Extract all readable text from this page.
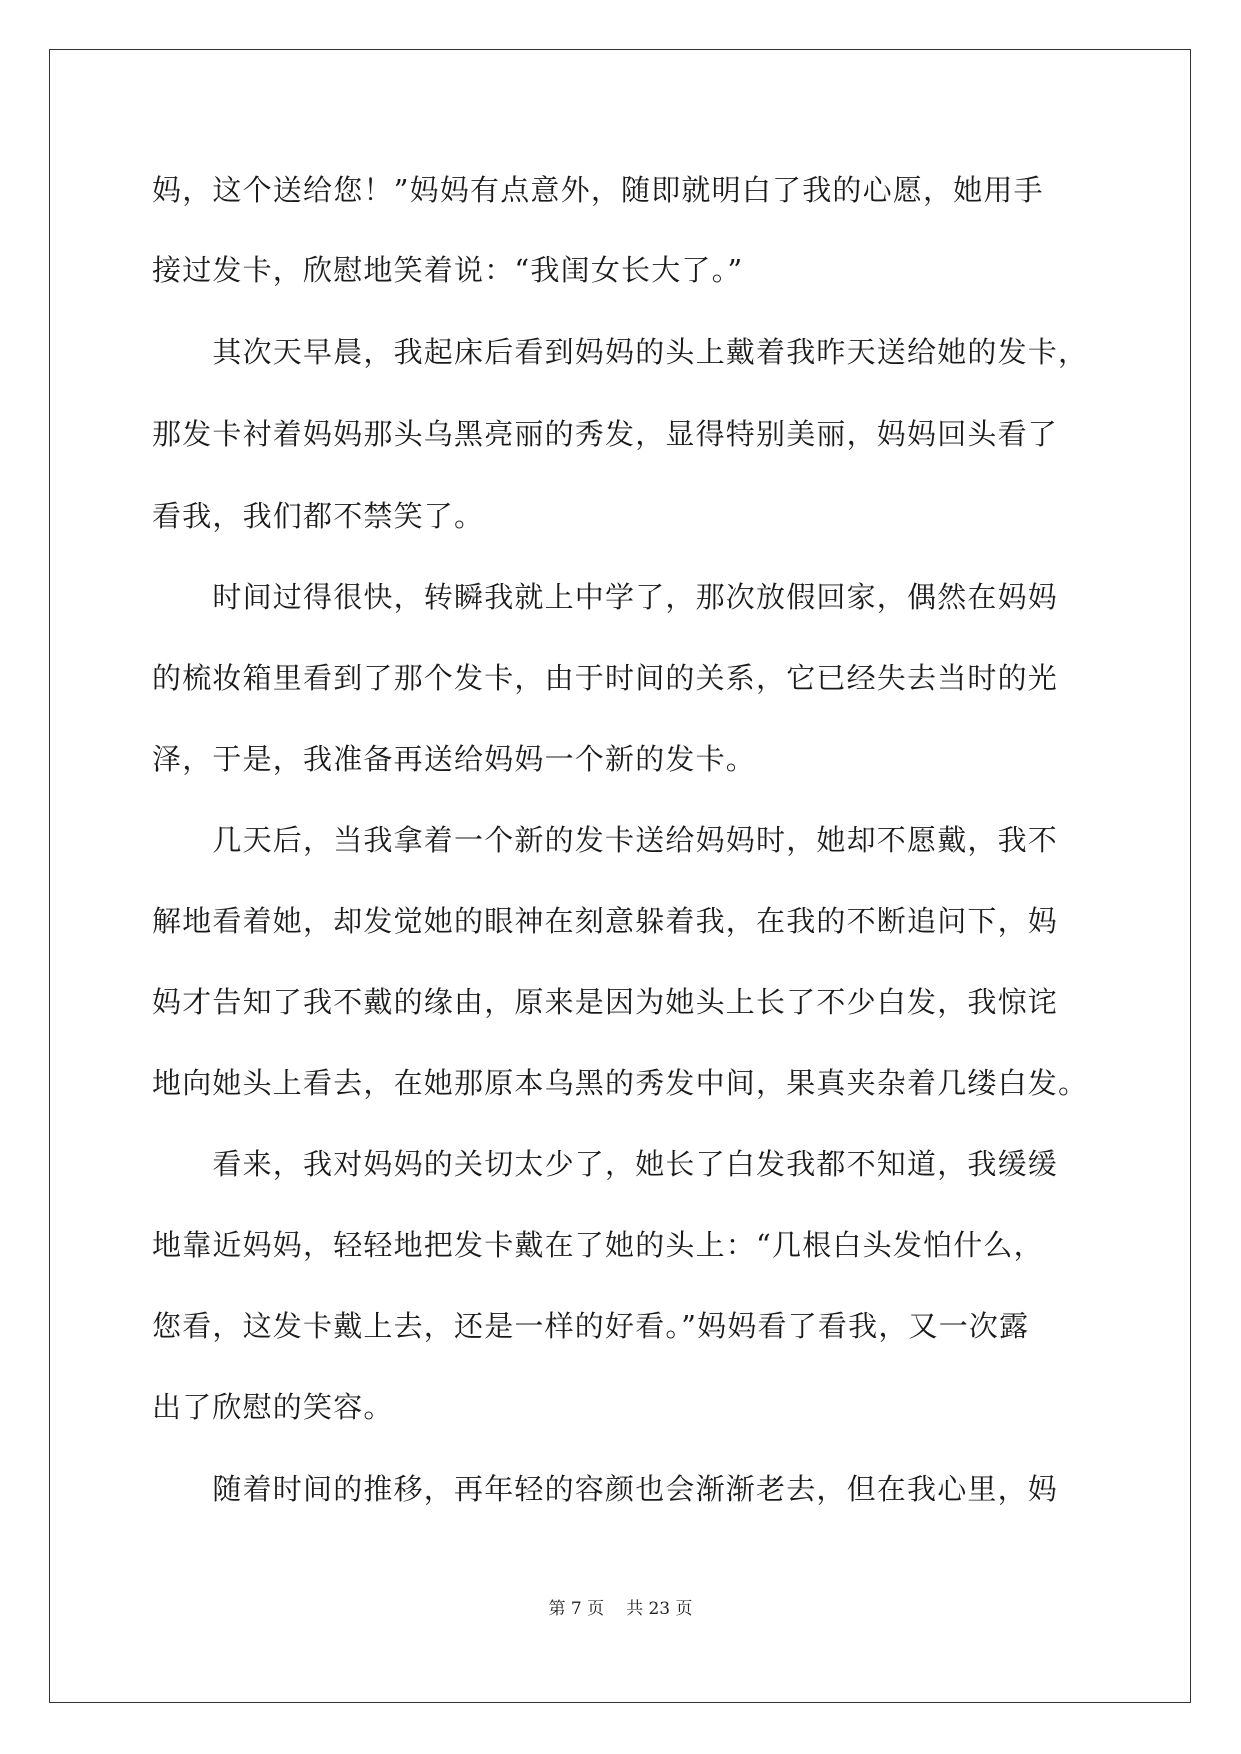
妈，这个送给您！”妈妈有点意外，随即就明白了我的心愿，她用手
接过发卡，欣慰地笑着说：“我闺女长大了。”
　　其次天早晨，我起床后看到妈妈的头上戴着我昨天送给她的发卡，
那发卡衬着妈妈那头乌黑亮丽的秀发，显得特别美丽，妈妈回头看了
看我，我们都不禁笑了。
　　时间过得很快，转瞬我就上中学了，那次放假回家，偶然在妈妈
的梳妆箱里看到了那个发卡，由于时间的关系，它已经失去当时的光
泽，于是，我准备再送给妈妈一个新的发卡。
　　几天后，当我拿着一个新的发卡送给妈妈时，她却不愿戴，我不
解地看着她，却发觉她的眼神在刻意躲着我，在我的不断追问下，妈
妈才告知了我不戴的缘由，原来是因为她头上长了不少白发，我惊诧
地向她头上看去，在她那原本乌黑的秀发中间，果真夹杂着几缕白发。
　　看来，我对妈妈的关切太少了，她长了白发我都不知道，我缓缓
地靠近妈妈，轻轻地把发卡戴在了她的头上：“几根白头发怕什么，
您看，这发卡戴上去，还是一样的好看。”妈妈看了看我，又一次露
出了欣慰的笑容。
　　随着时间的推移，再年轻的容颜也会渐渐老去，但在我心里，妈
第 7 页 共 23 页
